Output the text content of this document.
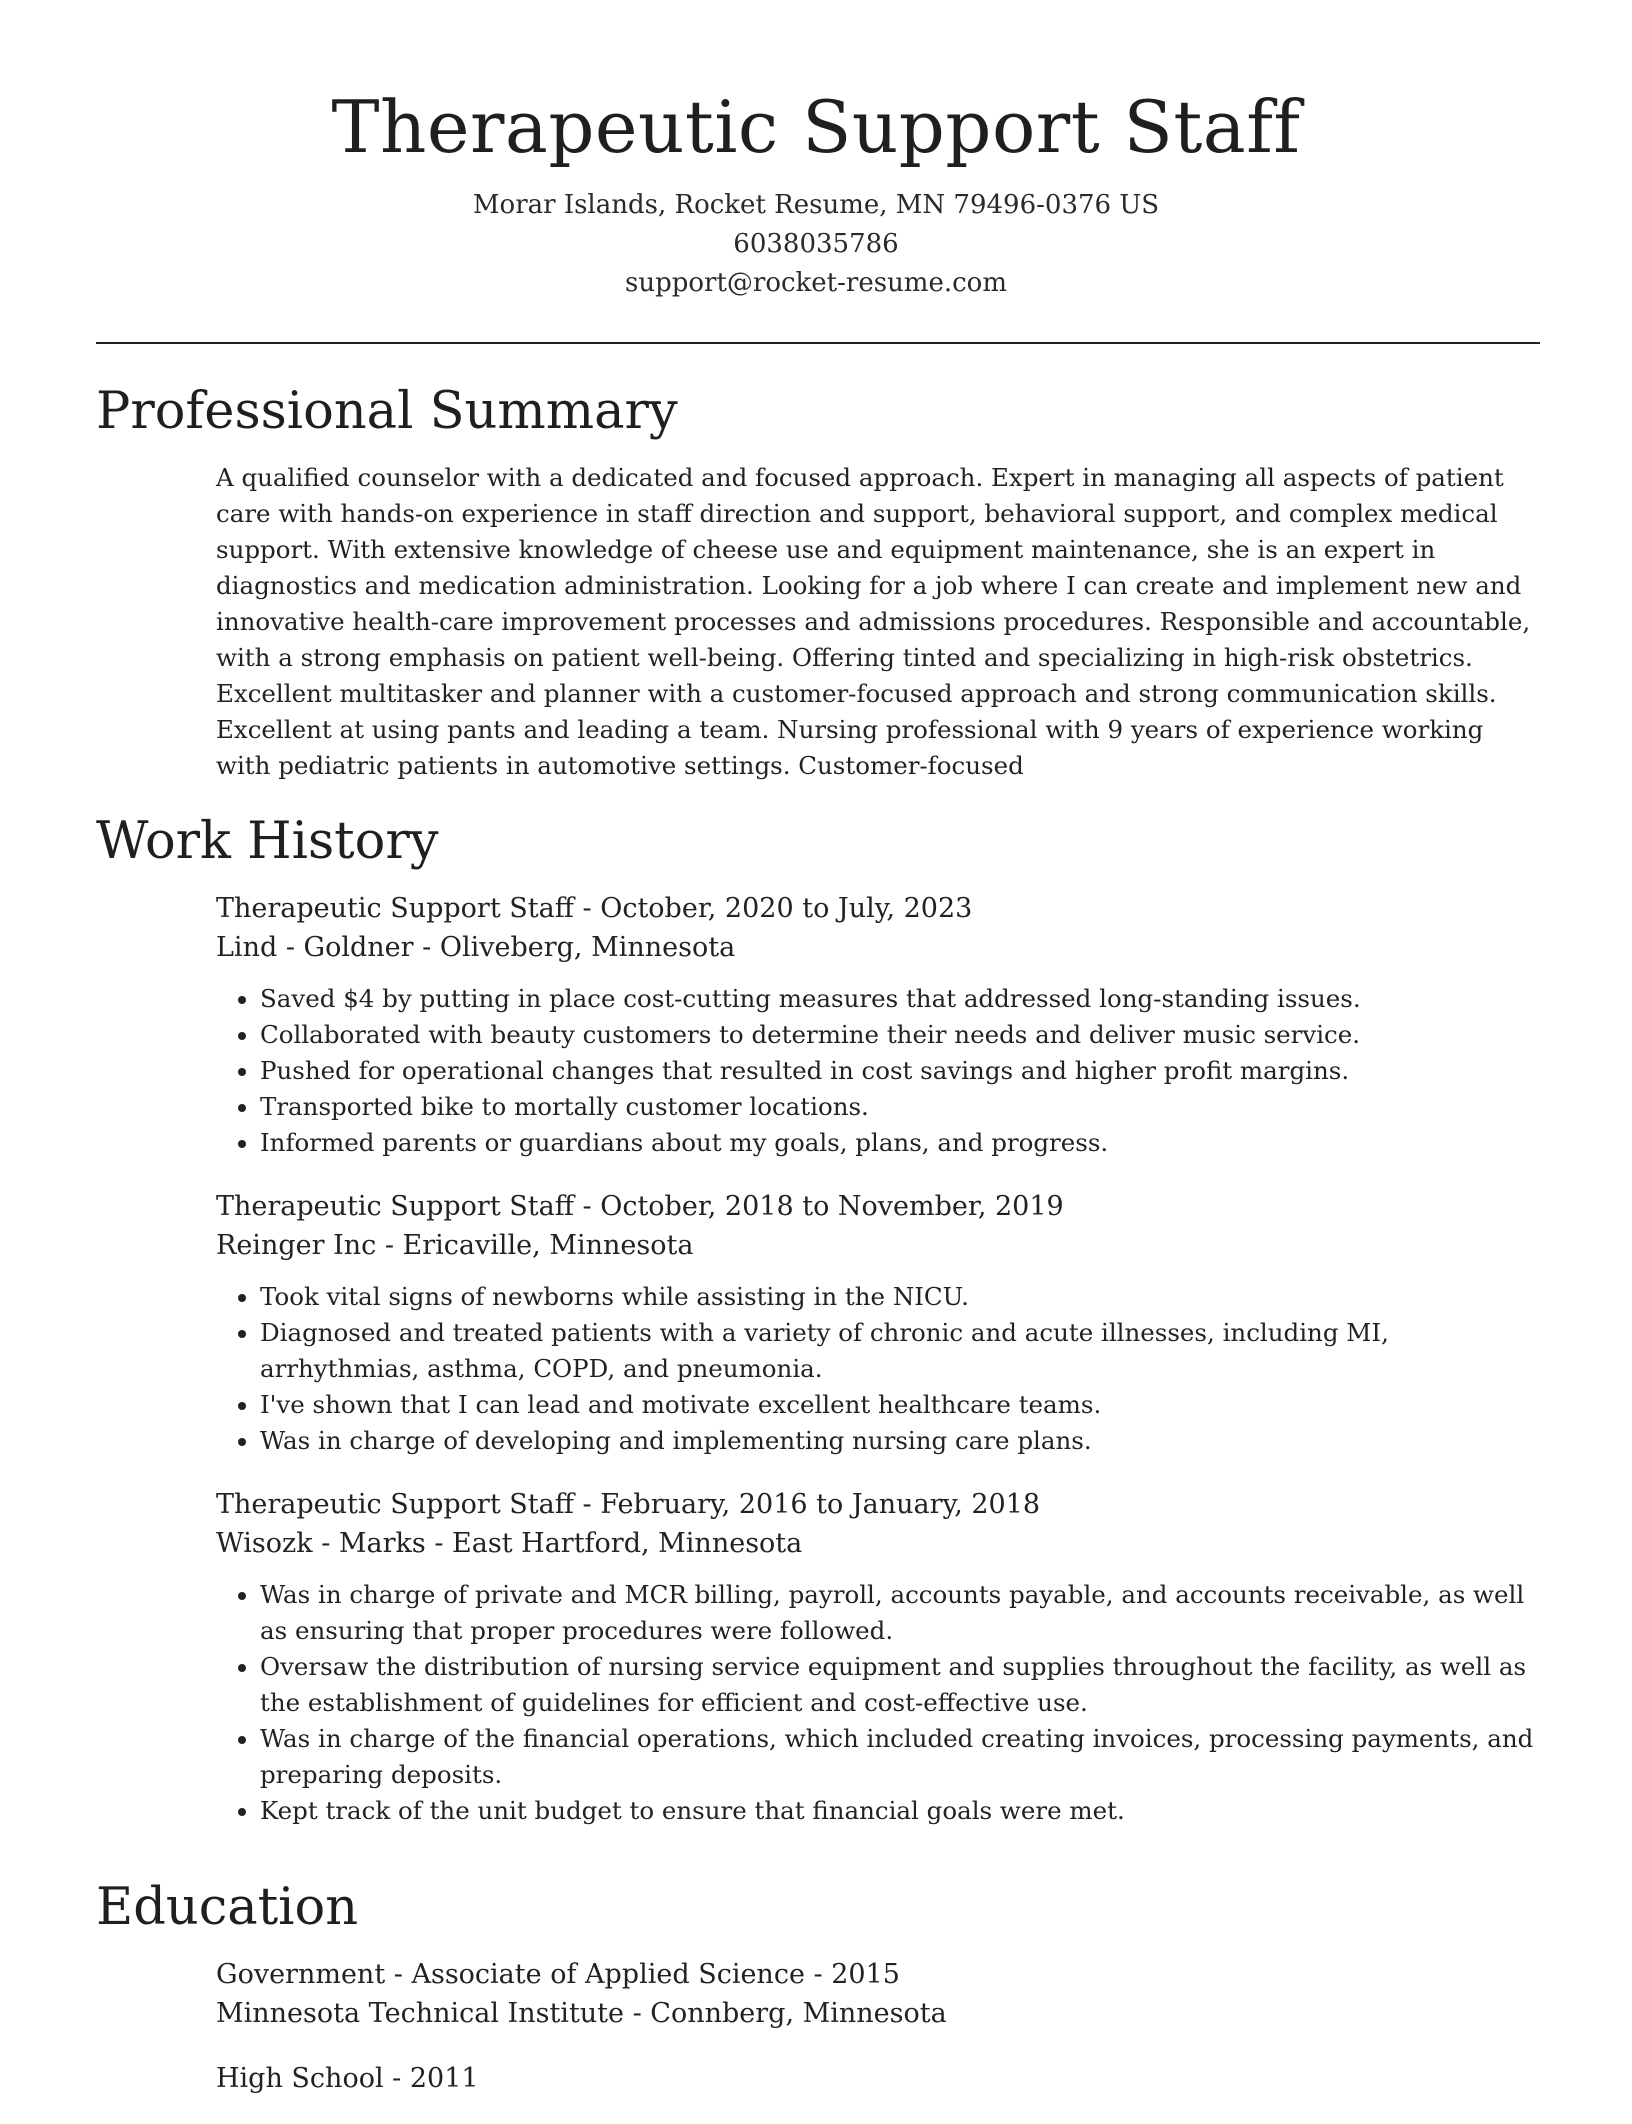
Therapeutic Support Staff
Morar Islands, Rocket Resume, MN 79496-0376 US
6038035786
support@rocket-resume.com
Professional Summary
A qualified counselor with a dedicated and focused approach. Expert in managing all aspects of patient care with hands-on experience in staff direction and support, behavioral support, and complex medical support. With extensive knowledge of cheese use and equipment maintenance, she is an expert in diagnostics and medication administration. Looking for a job where I can create and implement new and innovative health-care improvement processes and admissions procedures. Responsible and accountable, with a strong emphasis on patient well-being. Offering tinted and specializing in high-risk obstetrics. Excellent multitasker and planner with a customer-focused approach and strong communication skills. Excellent at using pants and leading a team. Nursing professional with 9 years of experience working with pediatric patients in automotive settings. Customer-focused
Work History
Therapeutic Support Staff - October, 2020 to July, 2023
Lind - Goldner - Oliveberg, Minnesota
• Saved $4 by putting in place cost-cutting measures that addressed long-standing issues.
• Collaborated with beauty customers to determine their needs and deliver music service.
• Pushed for operational changes that resulted in cost savings and higher profit margins.
• Transported bike to mortally customer locations.
• Informed parents or guardians about my goals, plans, and progress.
Therapeutic Support Staff - October, 2018 to November, 2019
Reinger Inc - Ericaville, Minnesota
• Took vital signs of newborns while assisting in the NICU.
• Diagnosed and treated patients with a variety of chronic and acute illnesses, including MI, arrhythmias, asthma, COPD, and pneumonia.
• I've shown that I can lead and motivate excellent healthcare teams.
• Was in charge of developing and implementing nursing care plans.
Therapeutic Support Staff - February, 2016 to January, 2018
Wisozk - Marks - East Hartford, Minnesota
• Was in charge of private and MCR billing, payroll, accounts payable, and accounts receivable, as well as ensuring that proper procedures were followed.
• Oversaw the distribution of nursing service equipment and supplies throughout the facility, as well as the establishment of guidelines for efficient and cost-effective use.
• Was in charge of the financial operations, which included creating invoices, processing payments, and preparing deposits.
• Kept track of the unit budget to ensure that financial goals were met.
Education
Government - Associate of Applied Science - 2015
Minnesota Technical Institute - Connberg, Minnesota
High School - 2011
